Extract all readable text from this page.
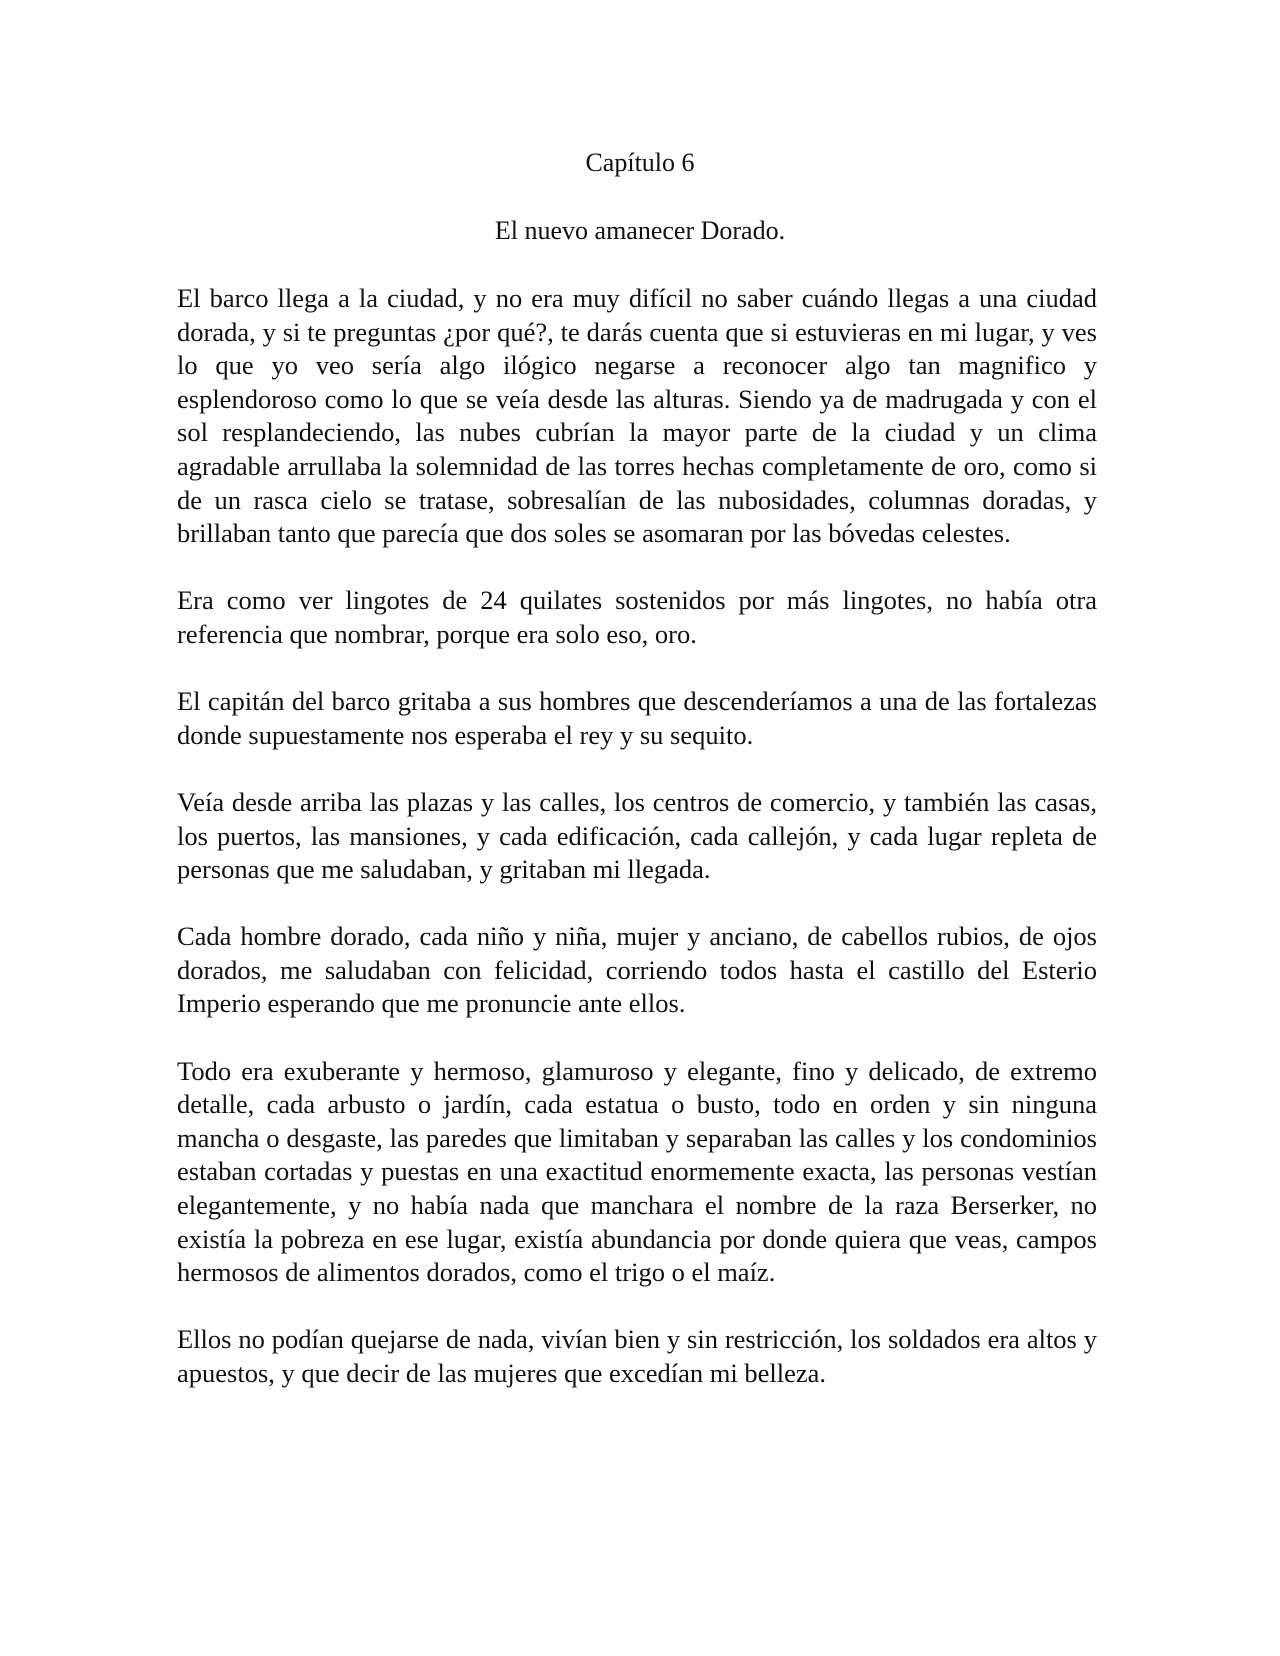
Capítulo 6
El nuevo amanecer Dorado.

El barco llega a la ciudad, y no era muy difícil no saber cuándo llegas a una ciudad dorada, y si te preguntas ¿por qué?, te darás cuenta que si estuvieras en mi lugar, y ves lo que yo veo sería algo ilógico negarse a reconocer algo tan magnifico y esplendoroso como lo que se veía desde las alturas. Siendo ya de madrugada y con el sol resplandeciendo, las nubes cubrían la mayor parte de la ciudad y un clima agradable arrullaba la solemnidad de las torres hechas completamente de oro, como si de un rasca cielo se tratase, sobresalían de las nubosidades, columnas doradas, y brillaban tanto que parecía que dos soles se asomaran por las bóvedas celestes.

Era como ver lingotes de 24 quilates sostenidos por más lingotes, no había otra referencia que nombrar, porque era solo eso, oro.

El capitán del barco gritaba a sus hombres que descenderíamos a una de las fortalezas donde supuestamente nos esperaba el rey y su sequito.

Veía desde arriba las plazas y las calles, los centros de comercio, y también las casas, los puertos, las mansiones, y cada edificación, cada callejón, y cada lugar repleta de personas que me saludaban, y gritaban mi llegada.

Cada hombre dorado, cada niño y niña, mujer y anciano, de cabellos rubios, de ojos dorados, me saludaban con felicidad, corriendo todos hasta el castillo del Esterio Imperio esperando que me pronuncie ante ellos.

Todo era exuberante y hermoso, glamuroso y elegante, fino y delicado, de extremo detalle, cada arbusto o jardín, cada estatua o busto, todo en orden y sin ninguna mancha o desgaste, las paredes que limitaban y separaban las calles y los condominios estaban cortadas y puestas en una exactitud enormemente exacta, las personas vestían elegantemente, y no había nada que manchara el nombre de la raza Berserker, no existía la pobreza en ese lugar, existía abundancia por donde quiera que veas, campos hermosos de alimentos dorados, como el trigo o el maíz.

Ellos no podían quejarse de nada, vivían bien y sin restricción, los soldados era altos y apuestos, y que decir de las mujeres que excedían mi belleza.
